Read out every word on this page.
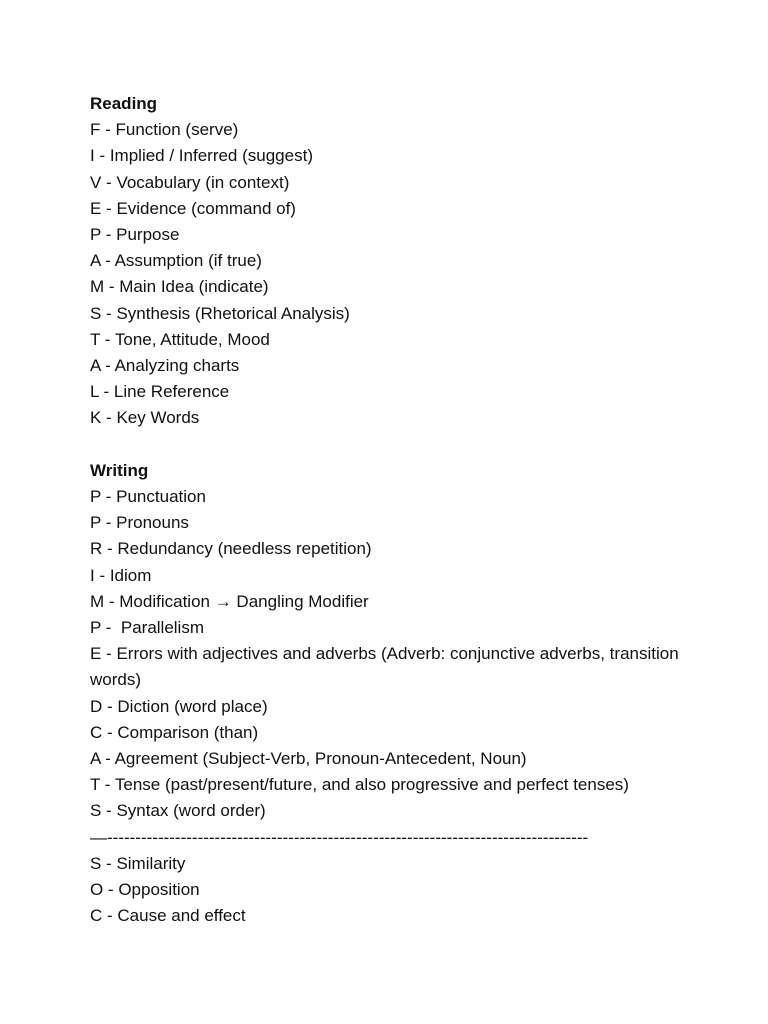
Reading

F - Function (serve)
I - Implied / Inferred (suggest)
V - Vocabulary (in context)
E - Evidence (command of)
P - Purpose
A - Assumption (if true)
M - Main Idea (indicate)
S - Synthesis (Rhetorical Analysis)
T - Tone, Attitude, Mood
A - Analyzing charts
L - Line Reference
K - Key Words

Writing

P - Punctuation
P - Pronouns
R - Redundancy (needless repetition)
I - Idiom
M - Modification → Dangling Modifier
P -  Parallelism
E - Errors with adjectives and adverbs (Adverb: conjunctive adverbs, transition words)
D - Diction (word place)
C - Comparison (than)
A - Agreement (Subject-Verb, Pronoun-Antecedent, Noun)
T - Tense (past/present/future, and also progressive and perfect tenses)
S - Syntax (word order)

—-------------------------------------------------------------------------------------

S - Similarity
O - Opposition
C - Cause and effect
